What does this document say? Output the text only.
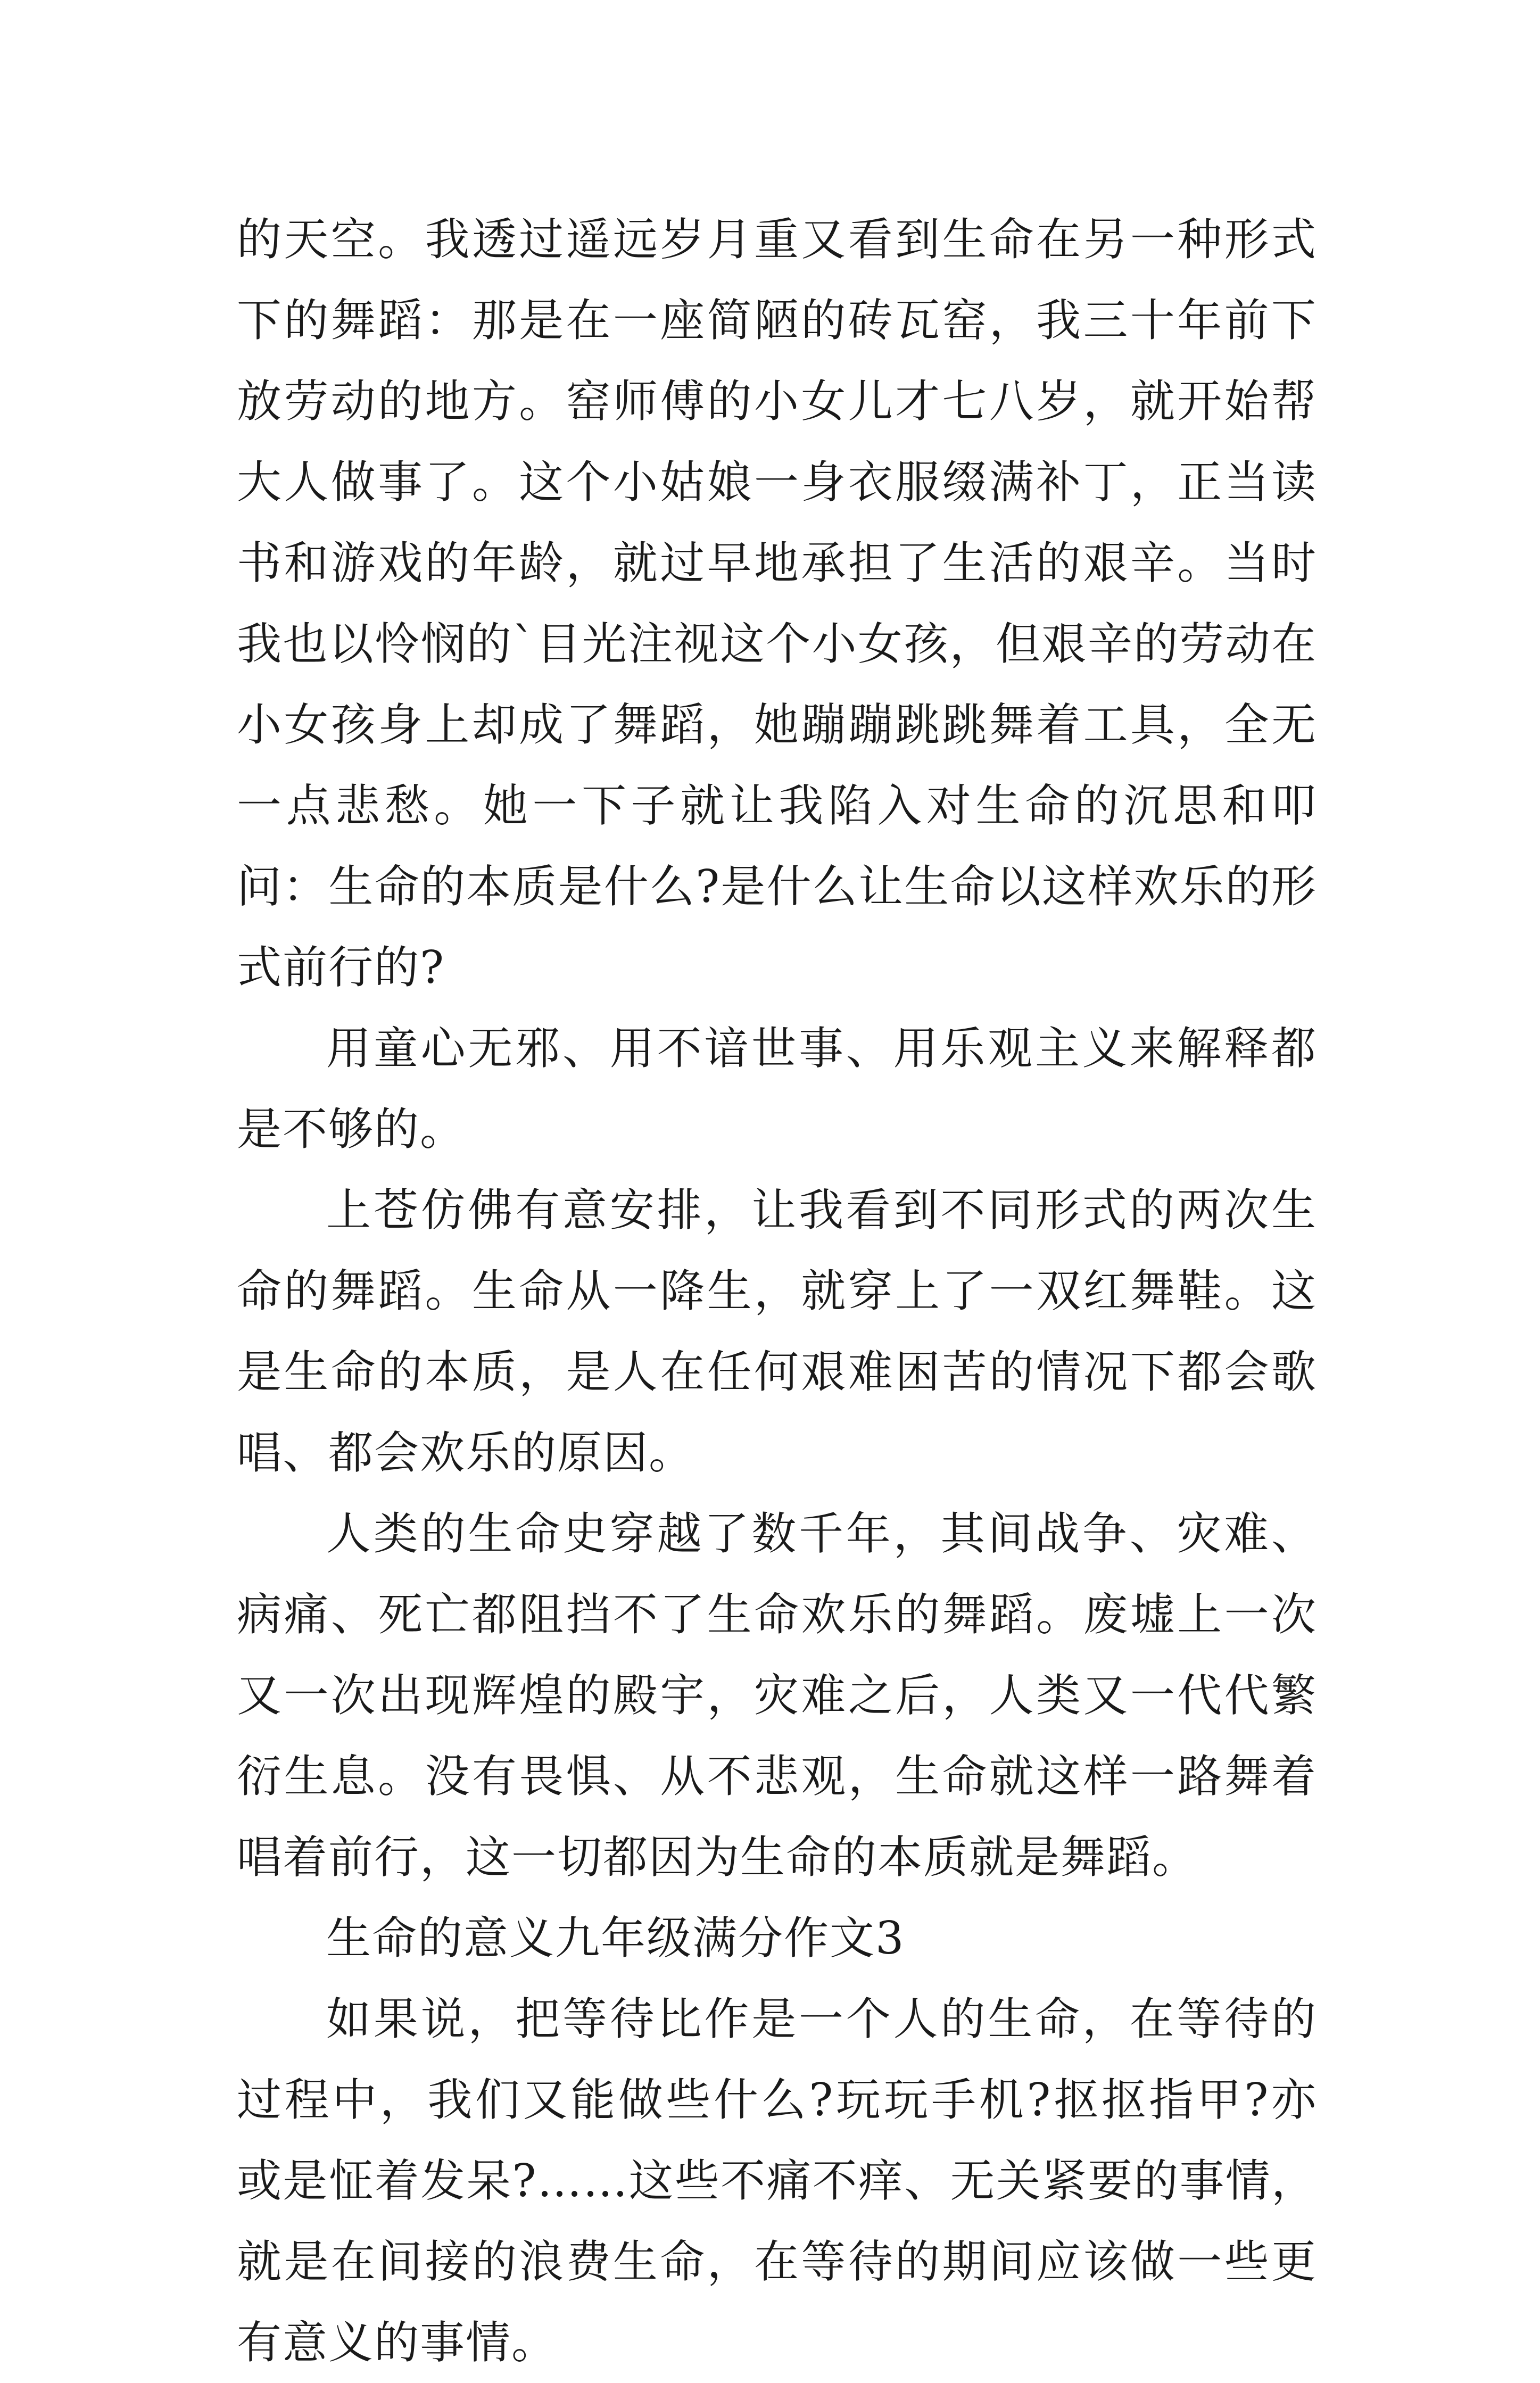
的天空。我透过遥远岁月重又看到生命在另一种形式下的舞蹈：那是在一座简陋的砖瓦窑，我三十年前下放劳动的地方。窑师傅的小女儿才七八岁，就开始帮大人做事了。这个小姑娘一身衣服缀满补丁，正当读书和游戏的年龄，就过早地承担了生活的艰辛。当时我也以怜悯的`目光注视这个小女孩，但艰辛的劳动在小女孩身上却成了舞蹈，她蹦蹦跳跳舞着工具，全无一点悲愁。她一下子就让我陷入对生命的沉思和叩问：生命的本质是什么?是什么让生命以这样欢乐的形式前行的?

用童心无邪、用不谙世事、用乐观主义来解释都是不够的。

上苍仿佛有意安排，让我看到不同形式的两次生命的舞蹈。生命从一降生，就穿上了一双红舞鞋。这是生命的本质，是人在任何艰难困苦的情况下都会歌唱、都会欢乐的原因。

人类的生命史穿越了数千年，其间战争、灾难、病痛、死亡都阻挡不了生命欢乐的舞蹈。废墟上一次又一次出现辉煌的殿宇，灾难之后，人类又一代代繁衍生息。没有畏惧、从不悲观，生命就这样一路舞着唱着前行，这一切都因为生命的本质就是舞蹈。

生命的意义九年级满分作文3

如果说，把等待比作是一个人的生命，在等待的过程中，我们又能做些什么?玩玩手机?抠抠指甲?亦或是怔着发呆?……这些不痛不痒、无关紧要的事情，就是在间接的浪费生命，在等待的期间应该做一些更有意义的事情。
